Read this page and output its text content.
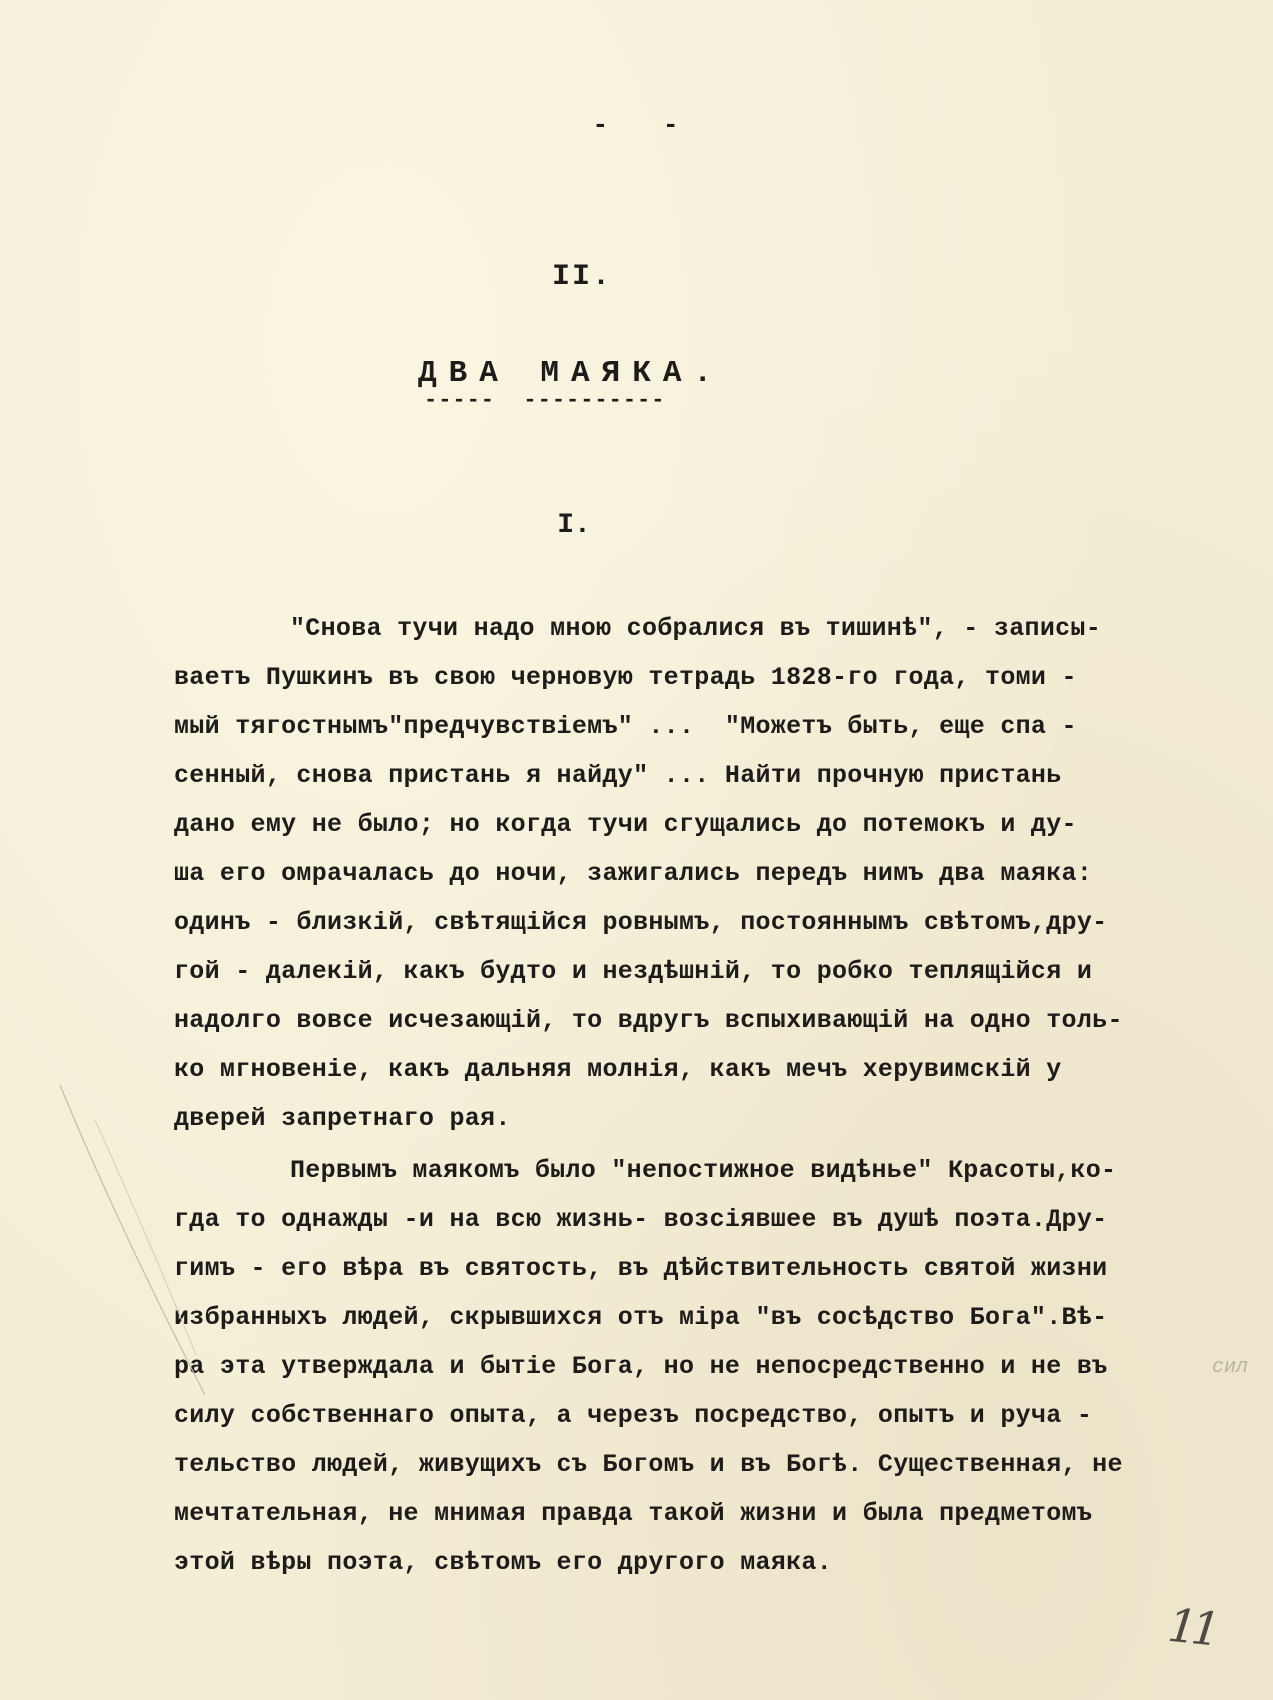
-   -
II.
ДВА МАЯКА.
-----  ----------
I.
"Снова тучи надо мною собралися въ тишинѣ", - записы-
ваетъ Пушкинъ въ свою черновую тетрадь 1828-го года, томи -
мый тягостнымъ"предчувствіемъ" ...  "Можетъ быть, еще спа -
сенный, снова пристань я найду" ... Найти прочную пристань
дано ему не было; но когда тучи сгущались до потемокъ и ду-
ша его омрачалась до ночи, зажигались передъ нимъ два маяка:
одинъ - близкій, свѣтящійся ровнымъ, постояннымъ свѣтомъ,дру-
гой - далекій, какъ будто и нездѣшній, то робко теплящійся и
надолго вовсе исчезающій, то вдругъ вспыхивающій на одно толь-
ко мгновеніе, какъ дальняя молнія, какъ мечъ херувимскій у
дверей запретнаго рая.
Первымъ маякомъ было "непостижное видѣнье" Красоты,ко-
гда то однажды -и на всю жизнь- возсіявшее въ душѣ поэта.Дру-
гимъ - его вѣра въ святость, въ дѣйствительность святой жизни
избранныхъ людей, скрывшихся отъ міра "въ сосѣдство Бога".Вѣ-
ра эта утверждала и бытіе Бога, но не непосредственно и не въ
силу собственнаго опыта, а черезъ посредство, опытъ и руча -
тельство людей, живущихъ съ Богомъ и въ Богѣ. Существенная, не
мечтательная, не мнимая правда такой жизни и была предметомъ
этой вѣры поэта, свѣтомъ его другого маяка.
сил
11
